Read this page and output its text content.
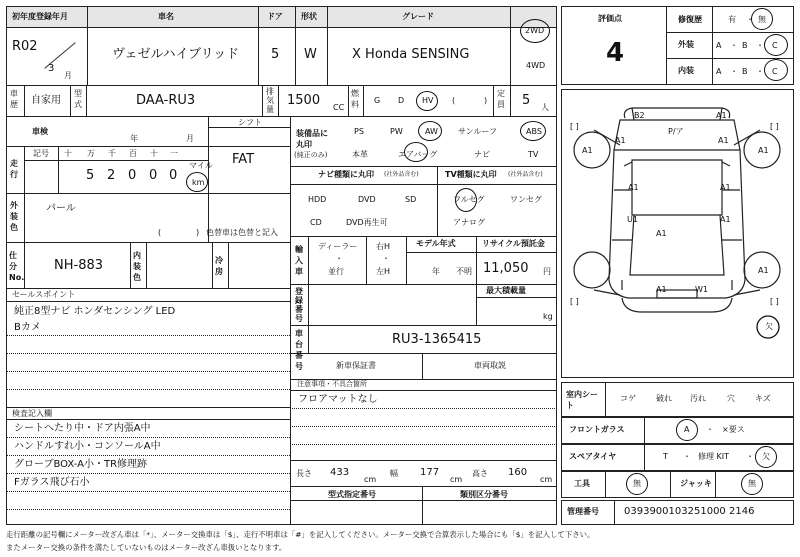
初年度登録年月	車名	ドア 形状	グレード
R02
3
月
ヴェゼルハイブリッド 5 W	X Honda SENSING
2WD
4WD
車歴 自家用
型式	DAA-RU3
排気量
1500 CC
燃料 G D HV (	)
定員 5 人
車検
年	月
シフト
FAT
走行
記号 十 万 千 百 十 一
5 2 0 0 0
マイル
km
外装色
パール
(	) 色替車は色替と記入
仕分No.
NH-883
内装色
冷房
セールスポイント
純正8型ナビ ホンダセンシング LED
Bカメ
検査記入欄
シートへたり中・ドア内張A中
ハンドルすれ小・コンソールA中
グローブBOX-A小・TR修理跡
Fガラス飛び石小
装備品に丸印
(純正のみ)
PS	PW	AW	サンルーフ	ABS
本革	エアバッグ	ナビ	TV
ナビ種類に丸印 (社外品含む)	TV種類に丸印 (社外品含む)
HDD	DVD	SD
CD	DVD再生可
フルセグ	ワンセグ
アナログ
輸入車
ディーラー
・
並行
右H
・
左H
モデル年式
年 不明
リサイクル預託金
11,050 円
登録番号
最大積載量
kg
車台番号
RU3-1365415
新車保証書	車両取説
注意事項・不具合箇所
フロアマットなし
長さ 433
cm
幅 177
cm
高さ 160
cm
型式指定番号	類別区分番号
評価点
4
修復歴	有 ・ 無
外装	A ・ B ・ C
内装	A ・ B ・ C
B2	A1
P/ア
A1	A1
A1
U1
A1
A1
A1
A1	A1
A1
W1
A1
[ ]	[ ]
[ ]	[ ]
欠
室内シート
コゲ	破れ 汚れ	穴	キズ
フロントガラス	A ・ ×要ス
スペアタイヤ	T ・ 修理 KIT ・ 欠
工具	無	ジャッキ	無
管理番号	0393900103251000 2146
走行距離の記号欄にメーター改ざん車は「*」、メーター交換車は「$」、走行不明車は「#」を記入してください。メーター交換で合算表示した場合にも「$」を記入して下さい。
またメーター交換の条件を満たしていないものはメーター改ざん車扱いとなります。
